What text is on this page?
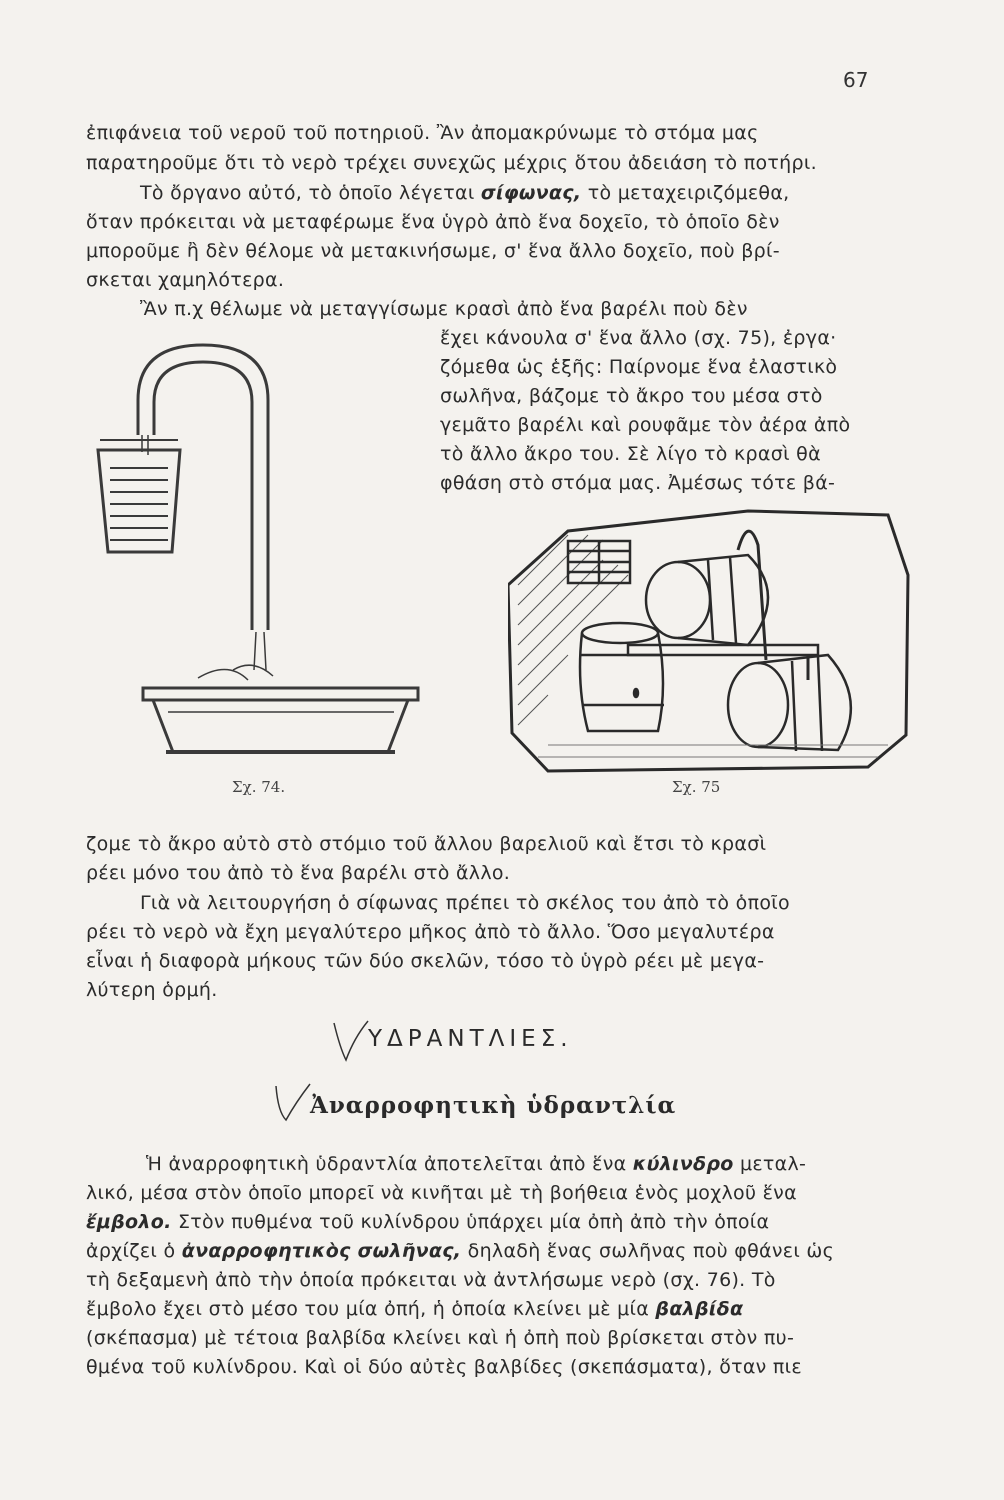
67
ἐπιφάνεια τοῦ νεροῦ τοῦ ποτηριοῦ. Ἂν ἀπομακρύνωμε τὸ στόμα μας
παρατηροῦμε ὅτι τὸ νερὸ τρέχει συνεχῶς μέχρις ὅτου ἀδειάση τὸ ποτήρι.
Τὸ ὄργανο αὐτό, τὸ ὁποῖο λέγεται σίφωνας, τὸ μεταχειριζόμεθα,
ὅταν πρόκειται νὰ μεταφέρωμε ἕνα ὑγρὸ ἀπὸ ἕνα δοχεῖο, τὸ ὁποῖο δὲν
μποροῦμε ἢ δὲν θέλομε νὰ μετακινήσωμε, σ' ἕνα ἄλλο δοχεῖο, ποὺ βρί-
σκεται χαμηλότερα.
Ἂν π.χ θέλωμε νὰ μεταγγίσωμε κρασὶ ἀπὸ ἕνα βαρέλι ποὺ δὲν
ἔχει κάνουλα σ' ἕνα ἄλλο (σχ. 75), ἐργα·
ζόμεθα ὡς ἑξῆς: Παίρνομε ἕνα ἐλαστικὸ
σωλῆνα, βάζομε τὸ ἄκρο του μέσα στὸ
γεμᾶτο βαρέλι καὶ ρουφᾶμε τὸν ἀέρα ἀπὸ
τὸ ἄλλο ἄκρο του. Σὲ λίγο τὸ κρασὶ θὰ
φθάση στὸ στόμα μας. Ἀμέσως τότε βά-
Σχ. 74.	Σχ. 75
ζομε τὸ ἄκρο αὐτὸ στὸ στόμιο τοῦ ἄλλου βαρελιοῦ καὶ ἔτσι τὸ κρασὶ
ρέει μόνο του ἀπὸ τὸ ἕνα βαρέλι στὸ ἄλλο.
Γιὰ νὰ λειτουργήση ὁ σίφωνας πρέπει τὸ σκέλος του ἀπὸ τὸ ὁποῖο
ρέει τὸ νερὸ νὰ ἔχη μεγαλύτερο μῆκος ἀπὸ τὸ ἄλλο. Ὅσο μεγαλυτέρα
εἶναι ἡ διαφορὰ μήκους τῶν δύο σκελῶν, τόσο τὸ ὑγρὸ ρέει μὲ μεγα-
λύτερη ὁρμή.
ΥΔΡΑΝΤΛΙΕΣ.
Ἀναρροφητικὴ ὑδραντλία
Ἡ ἀναρροφητικὴ ὑδραντλία ἀποτελεῖται ἀπὸ ἕνα κύλινδρο μεταλ-
λικό, μέσα στὸν ὁποῖο μπορεῖ νὰ κινῆται μὲ τὴ βοήθεια ἑνὸς μοχλοῦ ἕνα
ἔμβολο. Στὸν πυθμένα τοῦ κυλίνδρου ὑπάρχει μία ὀπὴ ἀπὸ τὴν ὁποία
ἀρχίζει ὁ ἀναρροφητικὸς σωλῆνας, δηλαδὴ ἕνας σωλῆνας ποὺ φθάνει ὡς
τὴ δεξαμενὴ ἀπὸ τὴν ὁποία πρόκειται νὰ ἀντλήσωμε νερὸ (σχ. 76). Τὸ
ἔμβολο ἔχει στὸ μέσο του μία ὀπή, ἡ ὁποία κλείνει μὲ μία βαλβίδα
(σκέπασμα) μὲ τέτοια βαλβίδα κλείνει καὶ ἡ ὀπὴ ποὺ βρίσκεται στὸν πυ-
θμένα τοῦ κυλίνδρου. Καὶ οἱ δύο αὐτὲς βαλβίδες (σκεπάσματα), ὅταν πιε
